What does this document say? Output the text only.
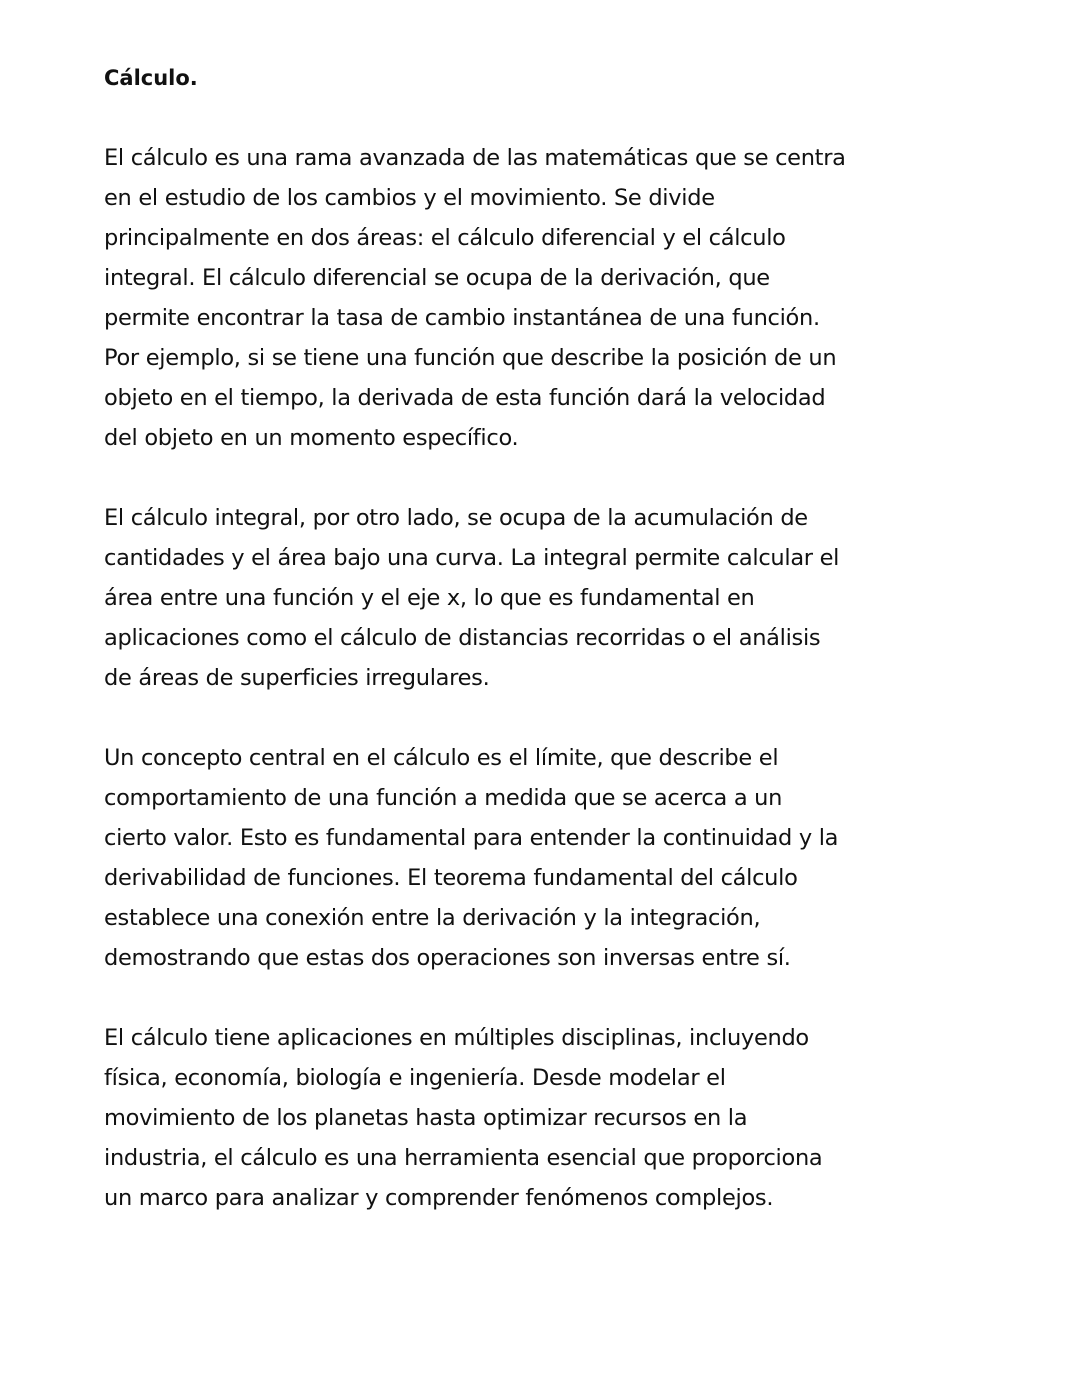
Cálculo.
El cálculo es una rama avanzada de las matemáticas que se centra
en el estudio de los cambios y el movimiento. Se divide
principalmente en dos áreas: el cálculo diferencial y el cálculo
integral. El cálculo diferencial se ocupa de la derivación, que
permite encontrar la tasa de cambio instantánea de una función.
Por ejemplo, si se tiene una función que describe la posición de un
objeto en el tiempo, la derivada de esta función dará la velocidad
del objeto en un momento específico.
El cálculo integral, por otro lado, se ocupa de la acumulación de
cantidades y el área bajo una curva. La integral permite calcular el
área entre una función y el eje x, lo que es fundamental en
aplicaciones como el cálculo de distancias recorridas o el análisis
de áreas de superficies irregulares.
Un concepto central en el cálculo es el límite, que describe el
comportamiento de una función a medida que se acerca a un
cierto valor. Esto es fundamental para entender la continuidad y la
derivabilidad de funciones. El teorema fundamental del cálculo
establece una conexión entre la derivación y la integración,
demostrando que estas dos operaciones son inversas entre sí.
El cálculo tiene aplicaciones en múltiples disciplinas, incluyendo
física, economía, biología e ingeniería. Desde modelar el
movimiento de los planetas hasta optimizar recursos en la
industria, el cálculo es una herramienta esencial que proporciona
un marco para analizar y comprender fenómenos complejos.
